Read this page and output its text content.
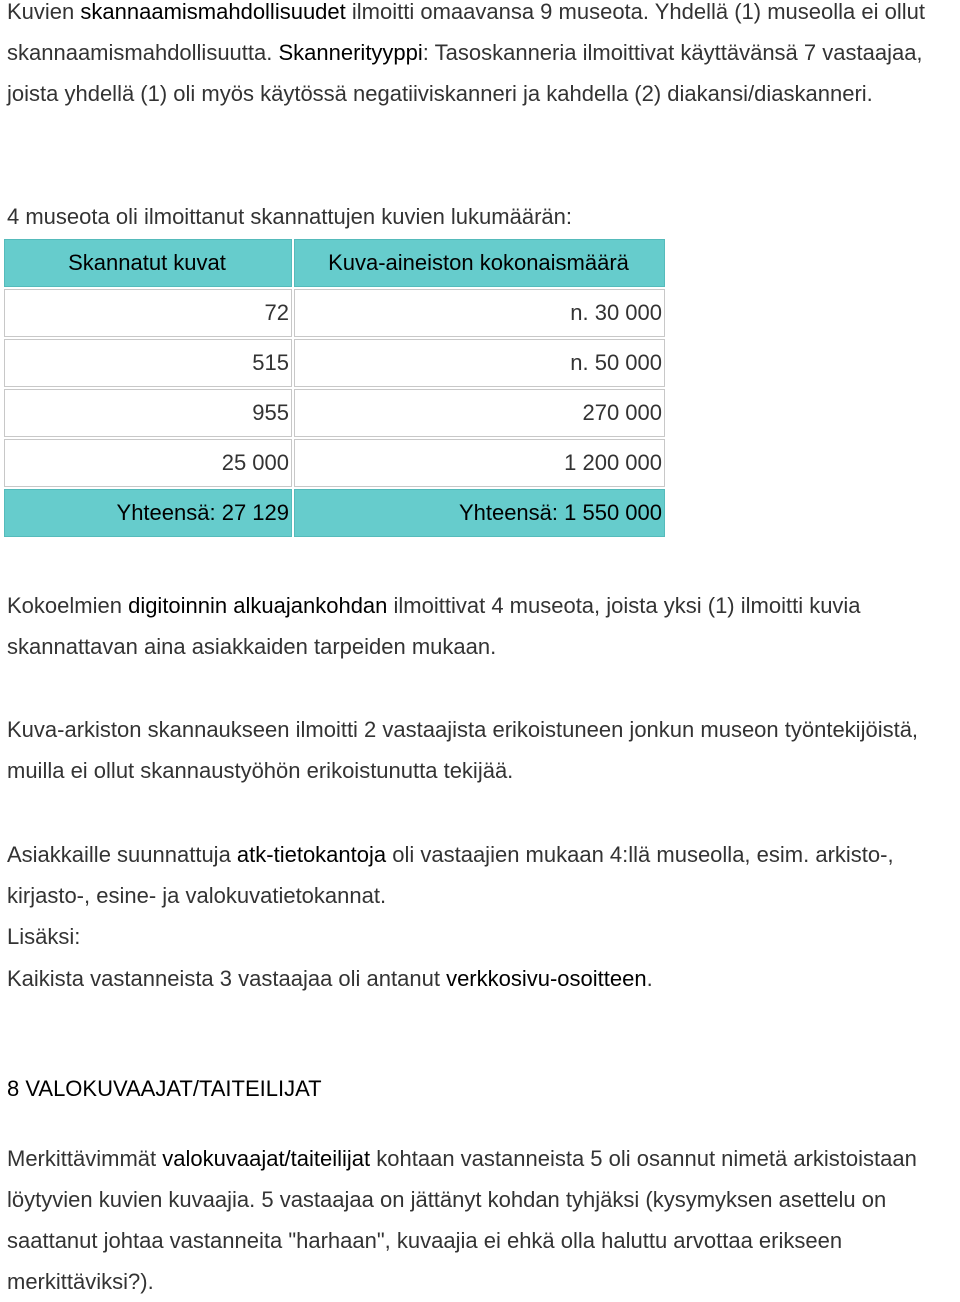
Kuvien skannaamismahdollisuudet ilmoitti omaavansa 9 museota. Yhdellä (1) museolla ei ollut skannaamismahdollisuutta. Skannerityyppi: Tasoskanneria ilmoittivat käyttävänsä 7 vastaajaa, joista yhdellä (1) oli myös käytössä negatiiviskanneri ja kahdella (2) diakansi/diaskanneri.

4 museota oli ilmoittanut skannattujen kuvien lukumäärän:

Skannatut kuvat	Kuva-aineiston kokonaismäärä
72	n. 30 000
515	n. 50 000
955	270 000
25 000	1 200 000
Yhteensä: 27 129	Yhteensä: 1 550 000

Kokoelmien digitoinnin alkuajankohdan ilmoittivat 4 museota, joista yksi (1) ilmoitti kuvia skannattavan aina asiakkaiden tarpeiden mukaan.

Kuva-arkiston skannaukseen ilmoitti 2 vastaajista erikoistuneen jonkun museon työntekijöistä, muilla ei ollut skannaustyöhön erikoistunutta tekijää.

Asiakkaille suunnattuja atk-tietokantoja oli vastaajien mukaan 4:llä museolla, esim. arkisto-, kirjasto-, esine- ja valokuvatietokannat.
Lisäksi:

Kaikista vastanneista 3 vastaajaa oli antanut verkkosivu-osoitteen.

8 VALOKUVAAJAT/TAITEILIJAT

Merkittävimmät valokuvaajat/taiteilijat kohtaan vastanneista 5 oli osannut nimetä arkistoistaan löytyvien kuvien kuvaajia. 5 vastaajaa on jättänyt kohdan tyhjäksi (kysymyksen asettelu on saattanut johtaa vastanneita "harhaan", kuvaajia ei ehkä olla haluttu arvottaa erikseen merkittäviksi?).
